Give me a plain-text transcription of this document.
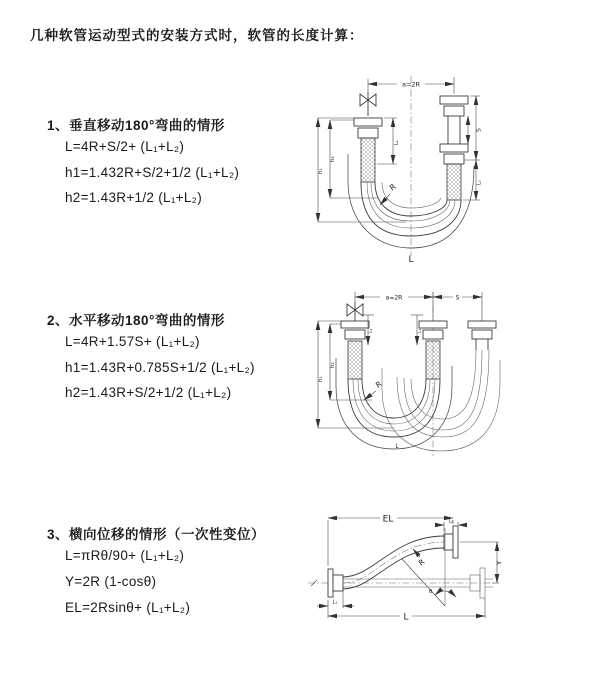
几种软管运动型式的安装方式时，软管的长度计算：
1、垂直移动180°弯曲的情形
L=4R+S/2+ (L₁+L₂)
h1=1.432R+S/2+1/2 (L₁+L₂)
h2=1.43R+1/2 (L₁+L₂)
2、水平移动180°弯曲的情形
L=4R+1.57S+ (L₁+L₂)
h1=1.43R+0.785S+1/2 (L₁+L₂)
h2=1.43R+S/2+1/2 (L₁+L₂)
3、横向位移的情形（一次性变位）
L=πRθ/90+ (L₁+L₂)
Y=2R (1-cosθ)
EL=2Rsinθ+ (L₁+L₂)
a=2R
h₁
h₂
L₁
S
L₂
R
L
a=2R	S
h₁
h₂
L₁	L₂
R
L
EL	L₂
Y
θ
R
L₁
L
